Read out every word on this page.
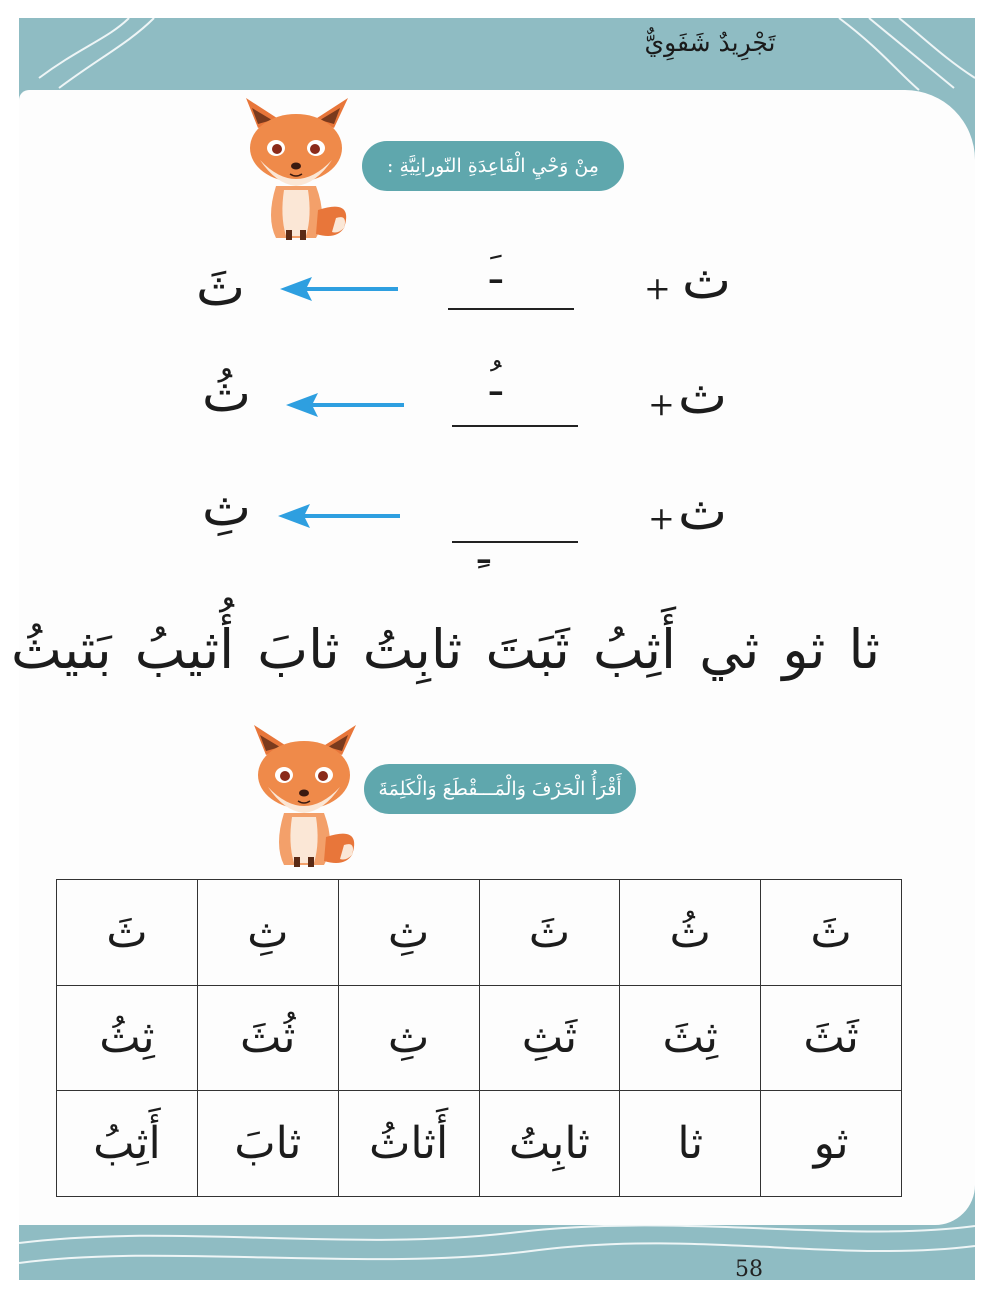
تَجْرِيدٌ شَفَوِيٌّ
مِنْ وَحْيِ الْقَاعِدَةِ النّورانِيَّةِ :
ث
+
ـَ
ثَ
ث
+
ـُ
ثُ
ث
+
ـِ
ثِ
ثا ثو ثي أَثِبُ ثَبَتَ ثابِتُ ثابَ أُثيبُ بَثيثُ
أَقْرَأُ الْحَرْفَ وَالْمَـــقْطَعَ وَالْكَلِمَةَ
ثَ	ثُ	ثَ	ثِ	ثِ	ثَ
ثَثَ	ثِثَ	ثَثِ	ثِ	ثُثَ	ثِثُ
ثو	ثا	ثابِتُ	أَثاثُ	ثابَ	أَثِبُ
58
